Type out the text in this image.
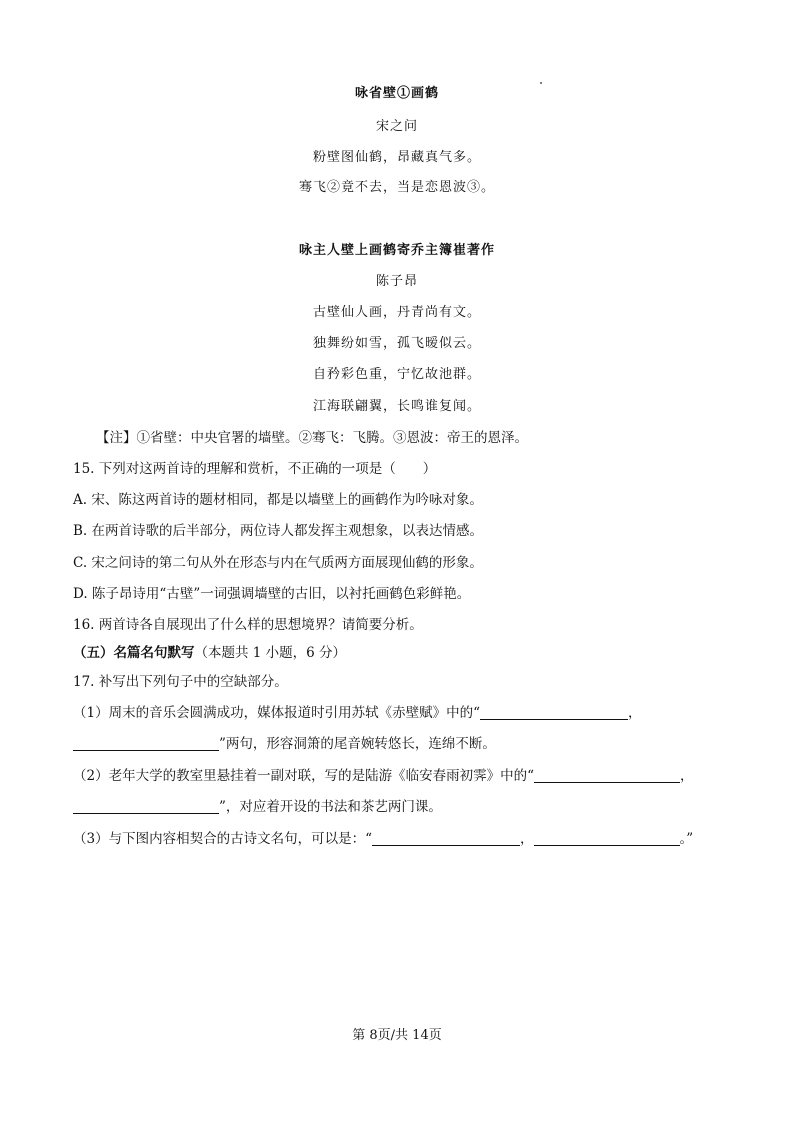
咏省壁①画鹤
宋之问
粉壁图仙鹤，昂藏真气多。
骞飞②竟不去，当是恋恩波③。
咏主人壁上画鹤寄乔主簿崔著作
陈子昂
古壁仙人画，丹青尚有文。
独舞纷如雪，孤飞暧似云。
自矜彩色重，宁忆故池群。
江海联翩翼，长鸣谁复闻。
【注】①省壁：中央官署的墙壁。②骞飞：飞腾。③恩波：帝王的恩泽。
15. 下列对这两首诗的理解和赏析，不正确的一项是（　　）
A. 宋、陈这两首诗的题材相同，都是以墙壁上的画鹤作为吟咏对象。
B. 在两首诗歌的后半部分，两位诗人都发挥主观想象，以表达情感。
C. 宋之问诗的第二句从外在形态与内在气质两方面展现仙鹤的形象。
D. 陈子昂诗用“古壁”一词强调墙壁的古旧，以衬托画鹤色彩鲜艳。
16. 两首诗各自展现出了什么样的思想境界？请简要分析。
（五）名篇名句默写（本题共 1 小题，6 分）
17. 补写出下列句子中的空缺部分。
（1）周末的音乐会圆满成功，媒体报道时引用苏轼《赤壁赋》中的“	，
”两句，形容洞箫的尾音婉转悠长，连绵不断。
（2）老年大学的教室里悬挂着一副对联，写的是陆游《临安春雨初霁》中的“	，
”，对应着开设的书法和茶艺两门课。
（3）与下图内容相契合的古诗文名句，可以是：“	，	。”
第 8页/共 14页
